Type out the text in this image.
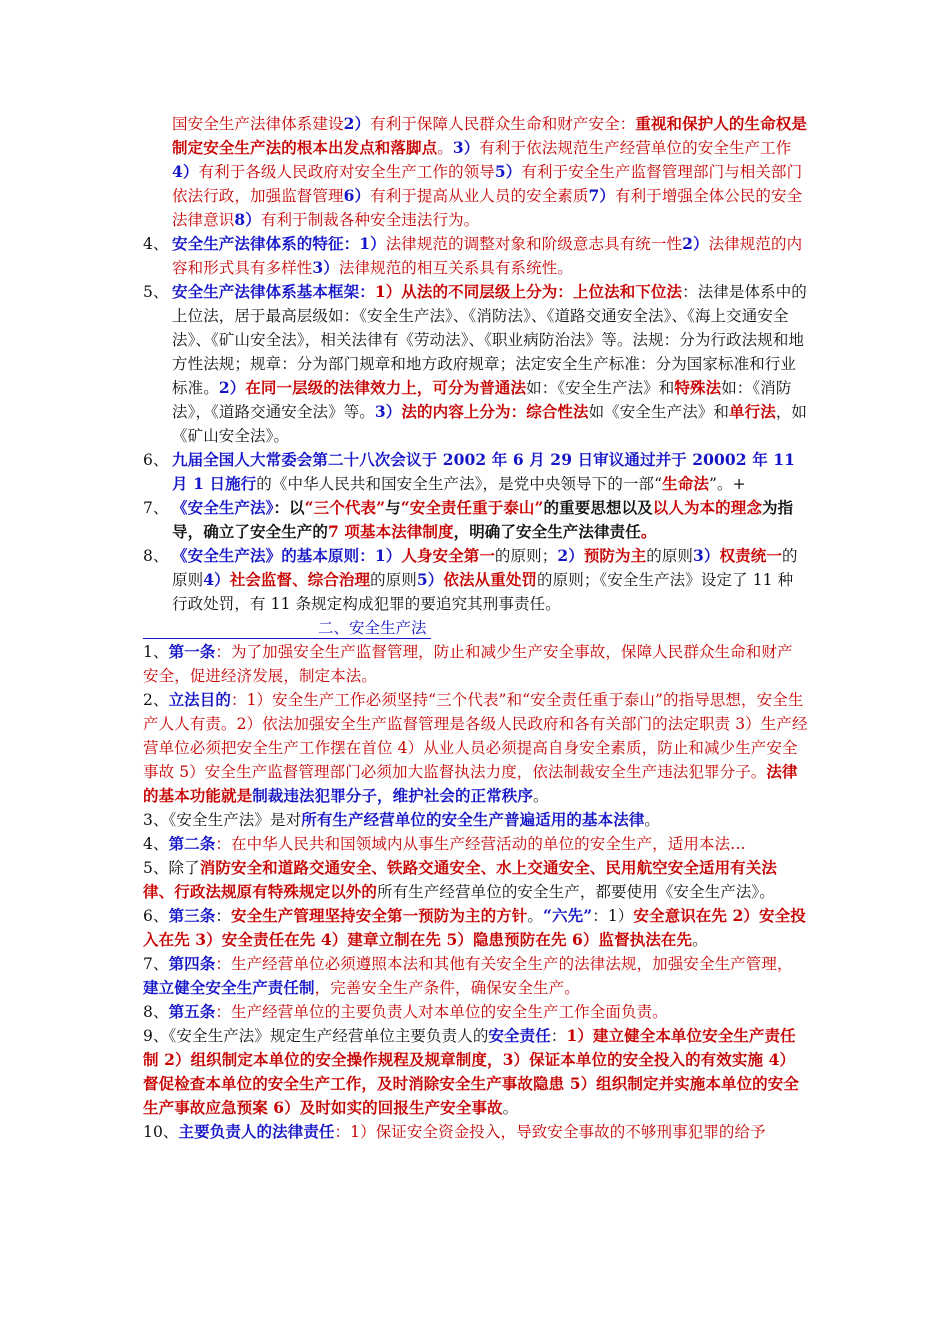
国安全生产法律体系建设2）有利于保障人民群众生命和财产安全：重视和保护人的生命权是制定安全生产法的根本出发点和落脚点。3）有利于依法规范生产经营单位的安全生产工作4）有利于各级人民政府对安全生产工作的领导5）有利于安全生产监督管理部门与相关部门依法行政，加强监督管理6）有利于提高从业人员的安全素质7）有利于增强全体公民的安全法律意识8）有利于制裁各种安全违法行为。
4、 安全生产法律体系的特征：1）法律规范的调整对象和阶级意志具有统一性2）法律规范的内容和形式具有多样性3）法律规范的相互关系具有系统性。
5、 安全生产法律体系基本框架：1）从法的不同层级上分为：上位法和下位法：法律是体系中的上位法，居于最高层级如：《安全生产法》、《消防法》、《道路交通安全法》、《海上交通安全法》、《矿山安全法》，相关法律有《劳动法》、《职业病防治法》等。法规：分为行政法规和地方性法规；规章：分为部门规章和地方政府规章；法定安全生产标准：分为国家标准和行业标准。2）在同一层级的法律效力上，可分为普通法如：《安全生产法》和特殊法如：《消防法》，《道路交通安全法》等。3）法的内容上分为：综合性法如《安全生产法》和单行法，如《矿山安全法》。
6、 九届全国人大常委会第二十八次会议于 2002 年 6 月 29 日审议通过并于 20002 年 11 月 1 日施行的《中华人民共和国安全生产法》，是党中央领导下的一部“生命法”。+
7、 《安全生产法》：以“三个代表”与“安全责任重于泰山”的重要思想以及以人为本的理念为指导，确立了安全生产的7 项基本法律制度，明确了安全生产法律责任。
8、 《安全生产法》的基本原则：1）人身安全第一的原则；2）预防为主的原则3）权责统一的原则4）社会监督、综合治理的原则5）依法从重处罚的原则；《安全生产法》设定了 11 种行政处罚，有 11 条规定构成犯罪的要追究其刑事责任。
二、安全生产法
1、第一条：为了加强安全生产监督管理，防止和减少生产安全事故，保障人民群众生命和财产安全，促进经济发展，制定本法。
2、立法目的：1）安全生产工作必须坚持“三个代表”和“安全责任重于泰山”的指导思想，安全生产人人有责。2）依法加强安全生产监督管理是各级人民政府和各有关部门的法定职责 3）生产经营单位必须把安全生产工作摆在首位 4）从业人员必须提高自身安全素质，防止和减少生产安全事故 5）安全生产监督管理部门必须加大监督执法力度，依法制裁安全生产违法犯罪分子。法律的基本功能就是制裁违法犯罪分子，维护社会的正常秩序。
3、《安全生产法》是对所有生产经营单位的安全生产普遍适用的基本法律。
4、第二条：在中华人民共和国领域内从事生产经营活动的单位的安全生产，适用本法…
5、除了消防安全和道路交通安全、铁路交通安全、水上交通安全、民用航空安全适用有关法律、行政法规原有特殊规定以外的所有生产经营单位的安全生产，都要使用《安全生产法》。
6、第三条：安全生产管理坚持安全第一预防为主的方针。“六先”：1）安全意识在先 2）安全投入在先 3）安全责任在先 4）建章立制在先 5）隐患预防在先 6）监督执法在先。
7、第四条：生产经营单位必须遵照本法和其他有关安全生产的法律法规，加强安全生产管理，建立健全安全生产责任制，完善安全生产条件，确保安全生产。
8、第五条：生产经营单位的主要负责人对本单位的安全生产工作全面负责。
9、《安全生产法》规定生产经营单位主要负责人的安全责任：1）建立健全本单位安全生产责任制 2）组织制定本单位的安全操作规程及规章制度，3）保证本单位的安全投入的有效实施 4）督促检查本单位的安全生产工作，及时消除安全生产事故隐患 5）组织制定并实施本单位的安全生产事故应急预案 6）及时如实的回报生产安全事故。
10、主要负责人的法律责任：1）保证安全资金投入，导致安全事故的不够刑事犯罪的给予
